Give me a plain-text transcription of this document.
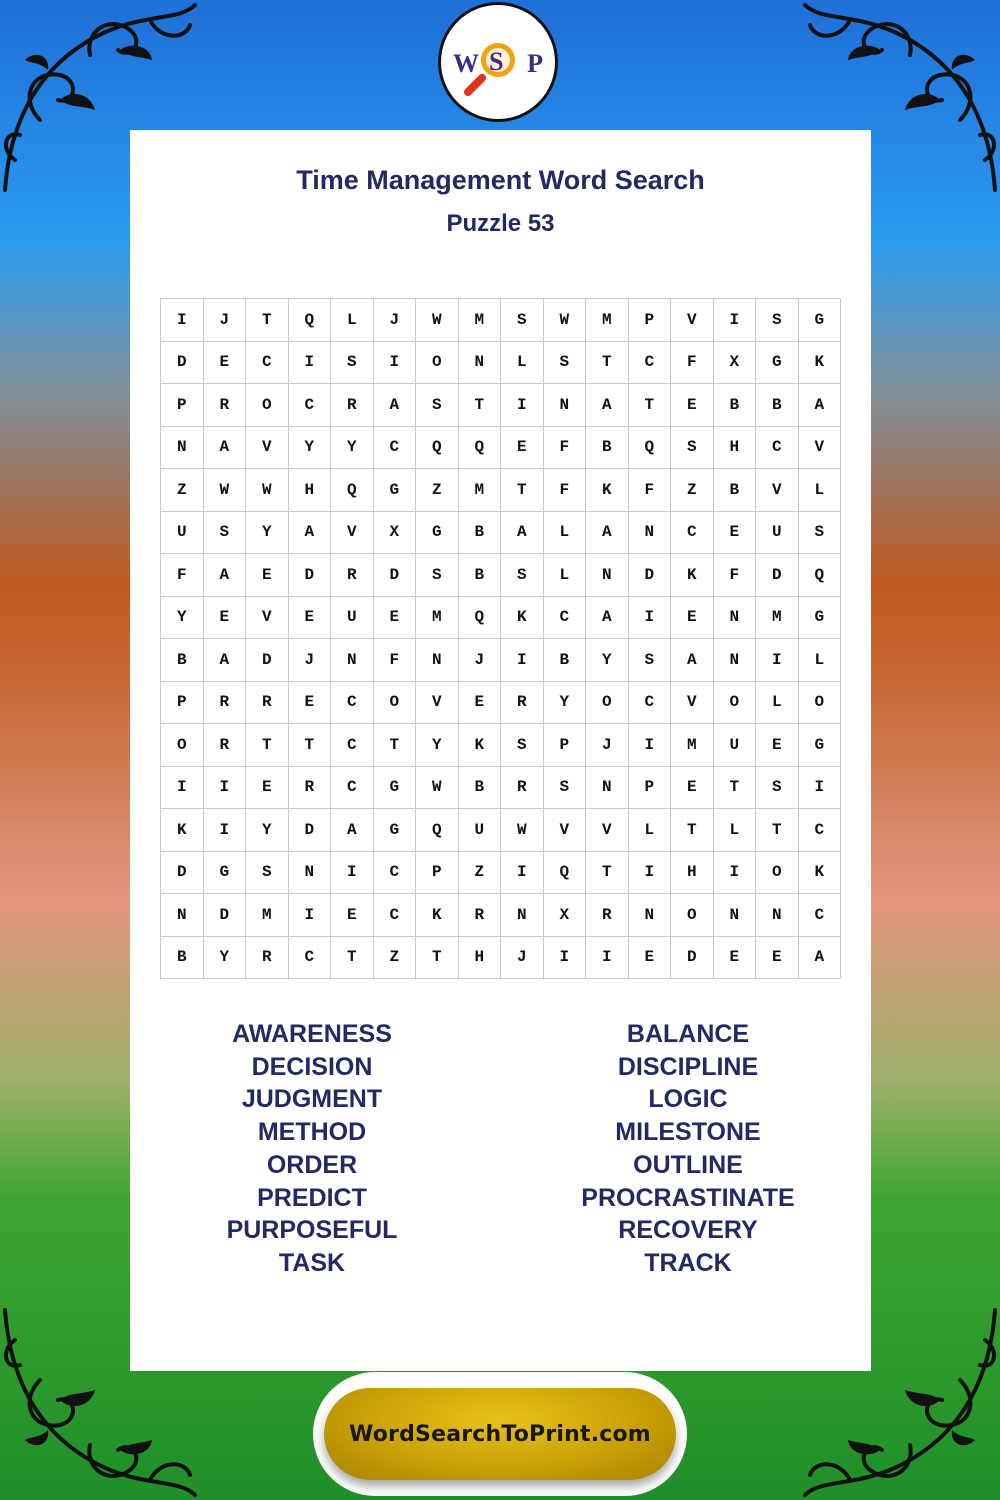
W S P
Time Management Word Search
Puzzle 53
I	J	T	Q	L	J	W	M	S	W	M	P	V	I	S	G
D	E	C	I	S	I	O	N	L	S	T	C	F	X	G	K
P	R	O	C	R	A	S	T	I	N	A	T	E	B	B	A
N	A	V	Y	Y	C	Q	Q	E	F	B	Q	S	H	C	V
Z	W	W	H	Q	G	Z	M	T	F	K	F	Z	B	V	L
U	S	Y	A	V	X	G	B	A	L	A	N	C	E	U	S
F	A	E	D	R	D	S	B	S	L	N	D	K	F	D	Q
Y	E	V	E	U	E	M	Q	K	C	A	I	E	N	M	G
B	A	D	J	N	F	N	J	I	B	Y	S	A	N	I	L
P	R	R	E	C	O	V	E	R	Y	O	C	V	O	L	O
O	R	T	T	C	T	Y	K	S	P	J	I	M	U	E	G
I	I	E	R	C	G	W	B	R	S	N	P	E	T	S	I
K	I	Y	D	A	G	Q	U	W	V	V	L	T	L	T	C
D	G	S	N	I	C	P	Z	I	Q	T	I	H	I	O	K
N	D	M	I	E	C	K	R	N	X	R	N	O	N	N	C
B	Y	R	C	T	Z	T	H	J	I	I	E	D	E	E	A
AWARENESS
DECISION
JUDGMENT
METHOD
ORDER
PREDICT
PURPOSEFUL
TASK
BALANCE
DISCIPLINE
LOGIC
MILESTONE
OUTLINE
PROCRASTINATE
RECOVERY
TRACK
WordSearchToPrint.com
